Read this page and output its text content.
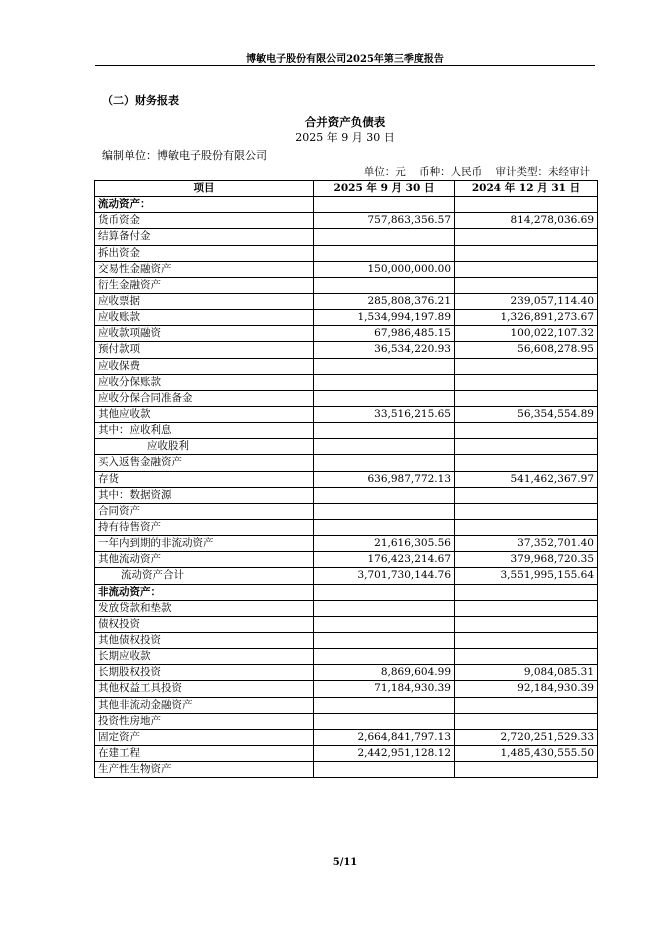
博敏电子股份有限公司2025年第三季度报告
（二）财务报表
合并资产负债表
2025 年 9 月 30 日
编制单位：博敏电子股份有限公司
单位：元    币种：人民币    审计类型：未经审计
项目	2025 年 9 月 30 日	2024 年 12 月 31 日
流动资产：		
货币资金	757,863,356.57	814,278,036.69
结算备付金		
拆出资金		
交易性金融资产	150,000,000.00	
衍生金融资产		
应收票据	285,808,376.21	239,057,114.40
应收账款	1,534,994,197.89	1,326,891,273.67
应收款项融资	67,986,485.15	100,022,107.32
预付款项	36,534,220.93	56,608,278.95
应收保费		
应收分保账款		
应收分保合同准备金		
其他应收款	33,516,215.65	56,354,554.89
其中：应收利息		
应收股利		
买入返售金融资产		
存货	636,987,772.13	541,462,367.97
其中：数据资源		
合同资产		
持有待售资产		
一年内到期的非流动资产	21,616,305.56	37,352,701.40
其他流动资产	176,423,214.67	379,968,720.35
流动资产合计	3,701,730,144.76	3,551,995,155.64
非流动资产：		
发放贷款和垫款		
债权投资		
其他债权投资		
长期应收款		
长期股权投资	8,869,604.99	9,084,085.31
其他权益工具投资	71,184,930.39	92,184,930.39
其他非流动金融资产		
投资性房地产		
固定资产	2,664,841,797.13	2,720,251,529.33
在建工程	2,442,951,128.12	1,485,430,555.50
生产性生物资产		
5/11
